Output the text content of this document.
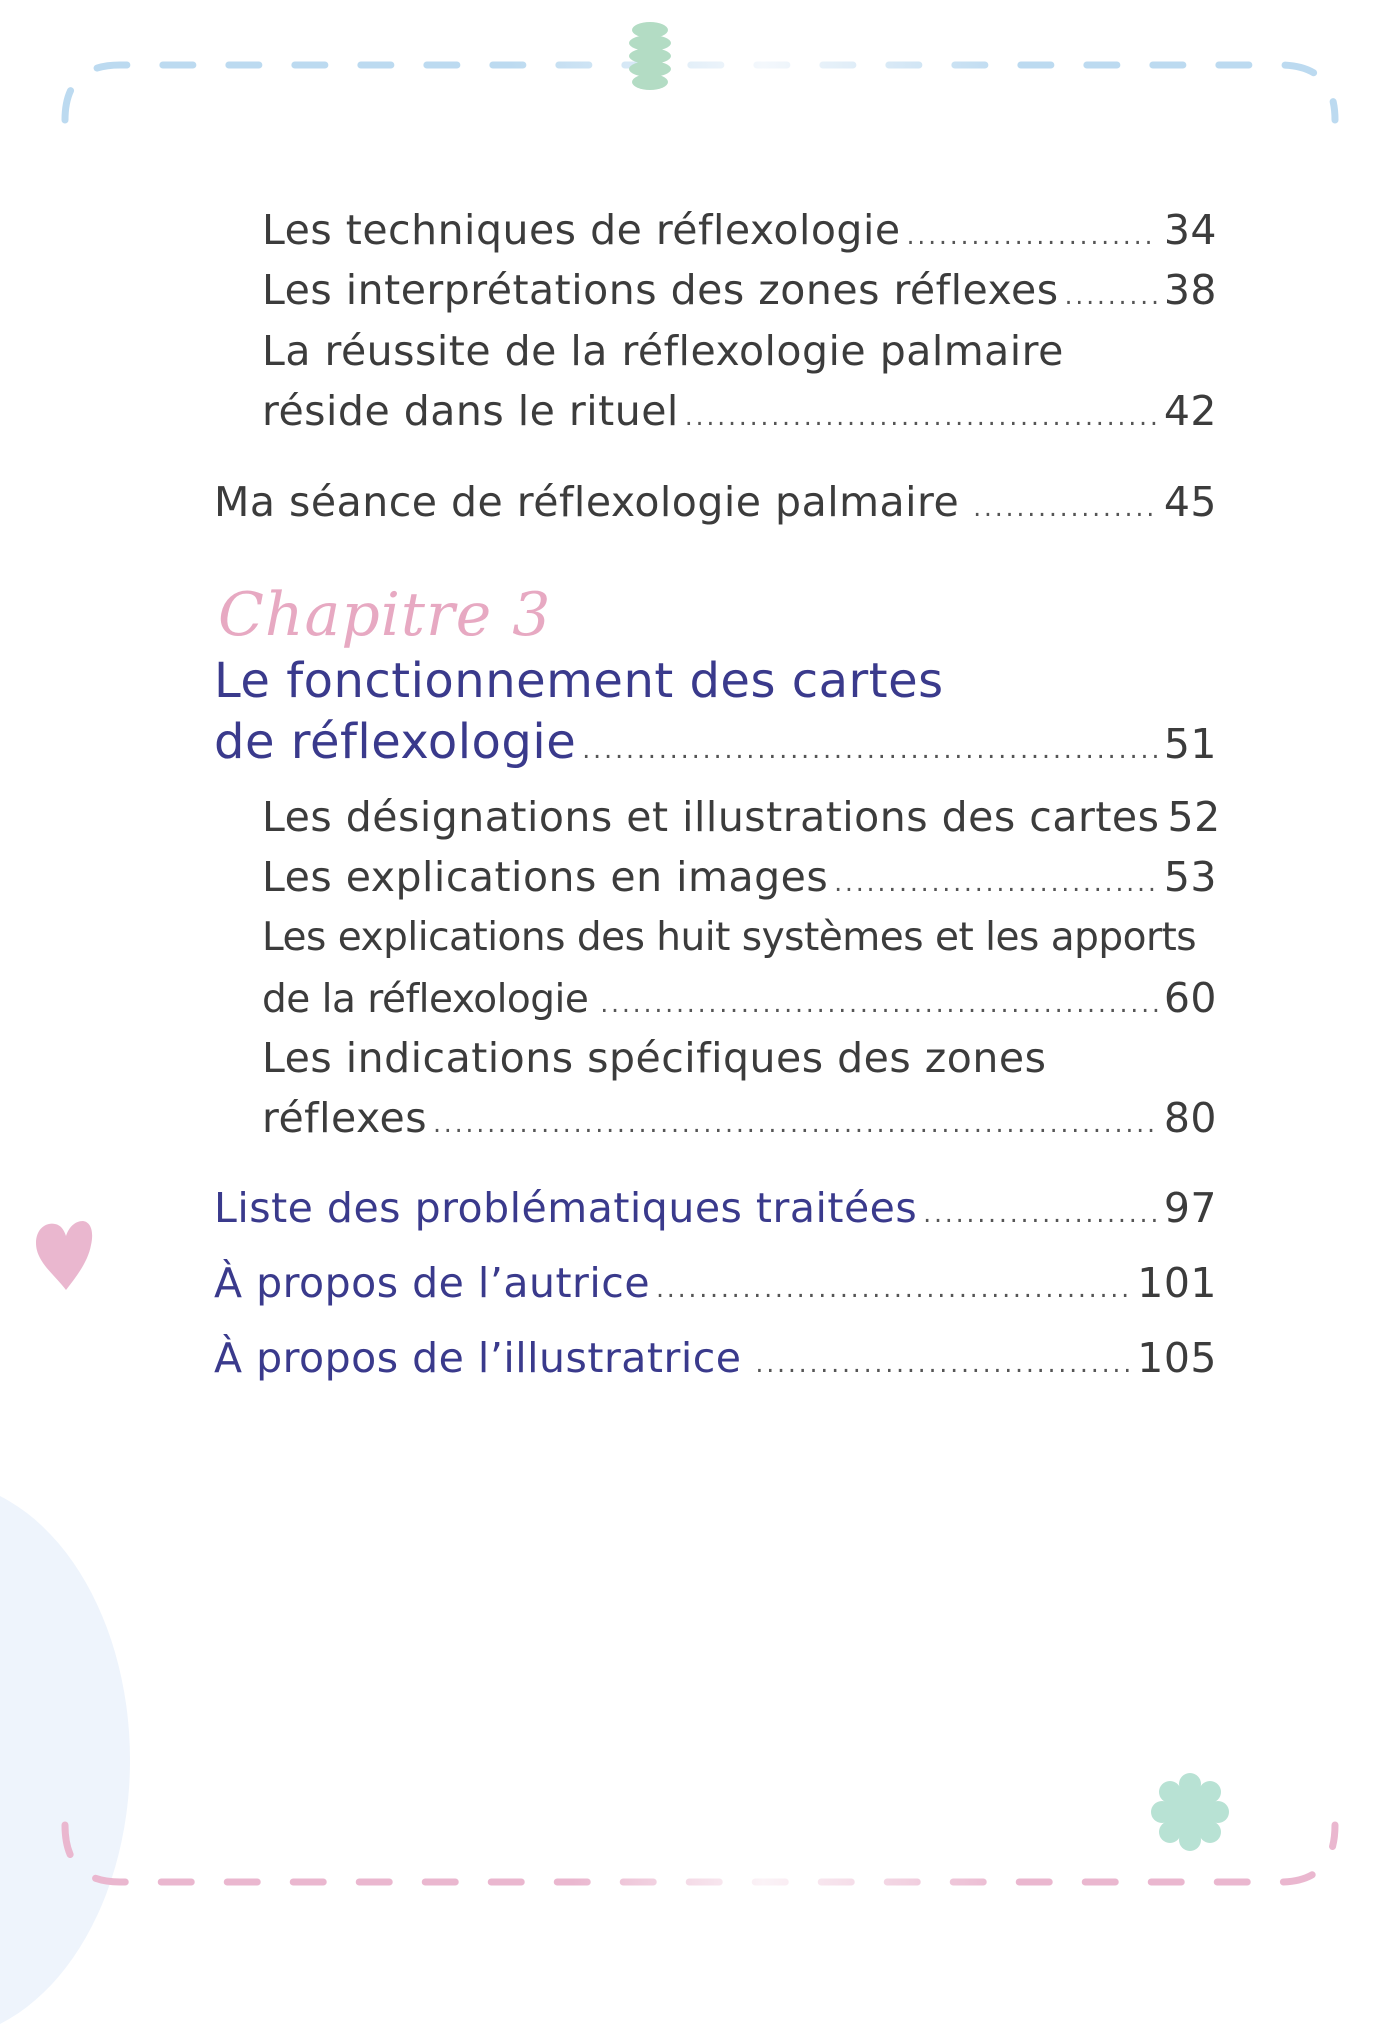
Les techniques de réflexologie .....	34
Les interprétations des zones réflexes .....	38
La réussite de la réflexologie palmaire
réside dans le rituel .....	42
Ma séance de réflexologie palmaire .....	45
Chapitre 3
Le fonctionnement des cartes
de réflexologie .....	51
Les désignations et illustrations des cartes 52
Les explications en images .....	53
Les explications des huit systèmes et les apports
de la réflexologie .....	60
Les indications spécifiques des zones
réflexes .....	80
Liste des problématiques traitées .....	97
À propos de l’autrice .....	101
À propos de l’illustratrice .....	105
